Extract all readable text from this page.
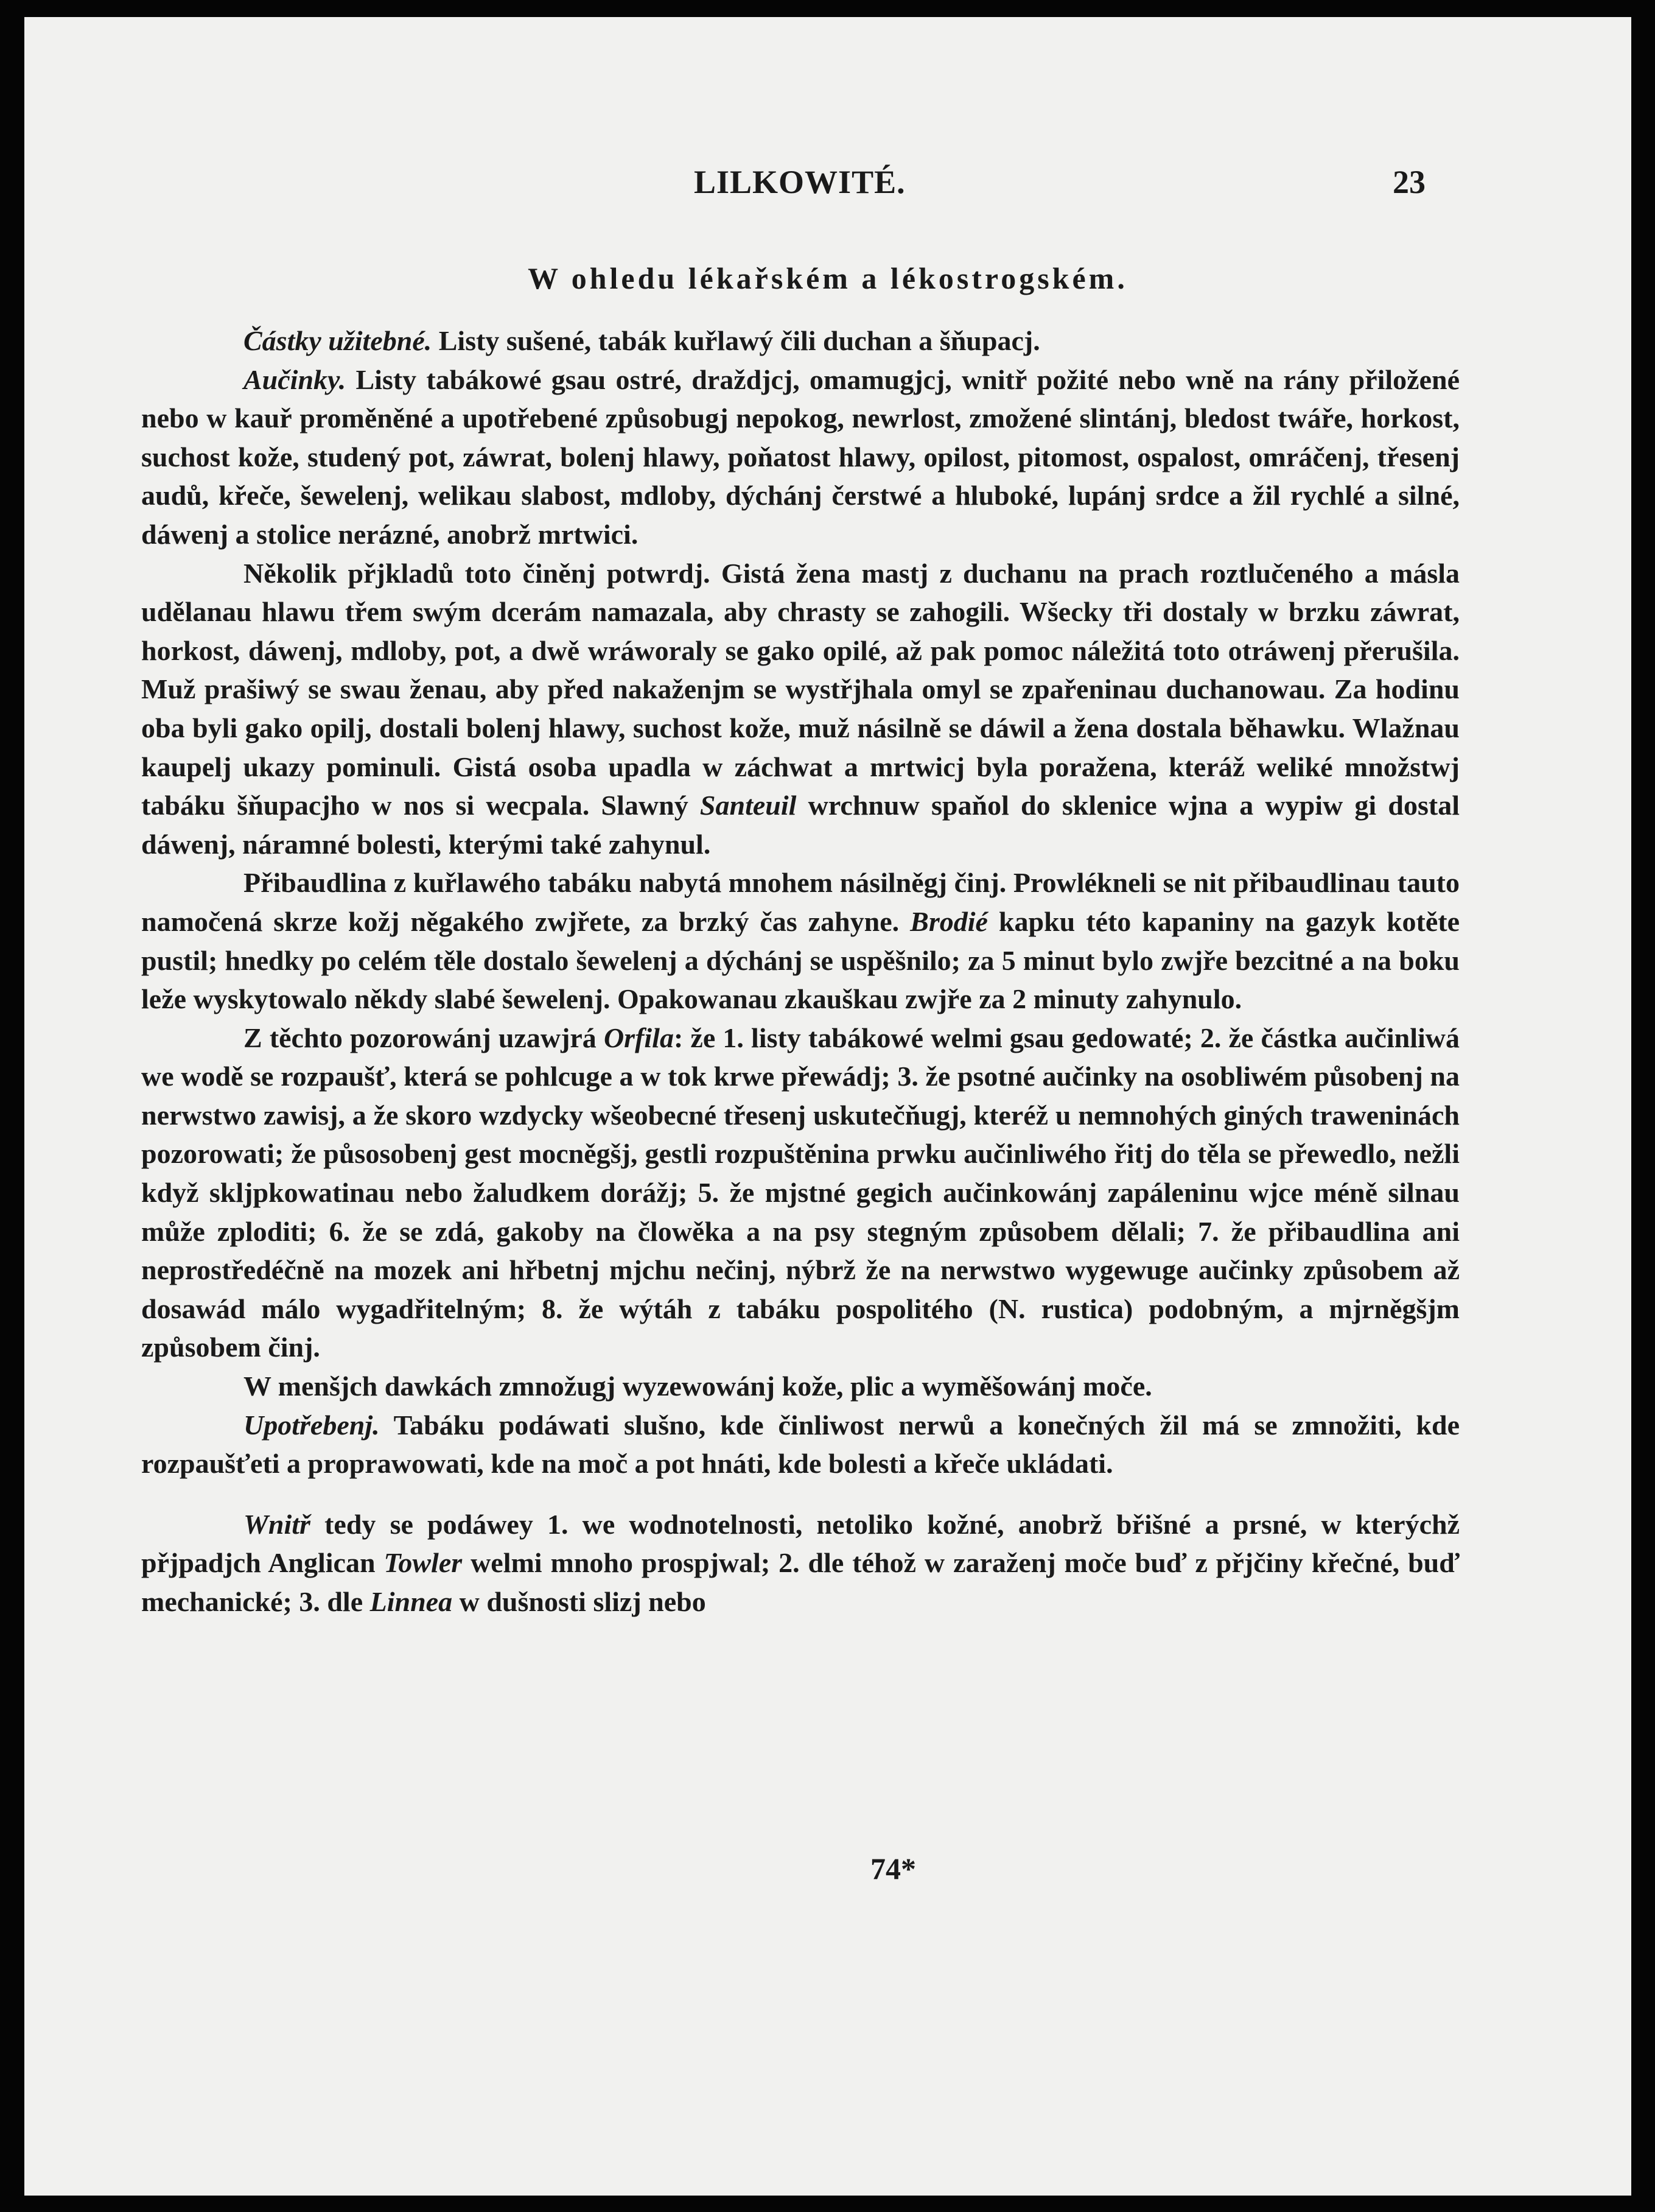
LILKOWITÉ.	23
W ohledu lékařském a lékostrogském.

Částky užitebné. Listy sušené, tabák kuřlawý čili duchan a šňupacj.

Aučinky. Listy tabákowé gsau ostré, draždjcj, omamugjcj, wnitř požité nebo wně na rány přiložené nebo w kauř proměněné a upotřebené způsobugj nepokog, newrlost, zmožené slintánj, bledost twáře, horkost, suchost kože, studený pot, záwrat, bolenj hlawy, poňatost hlawy, opilost, pitomost, ospalost, omráčenj, třesenj audů, křeče, šewelenj, welikau slabost, mdloby, dýchánj čerstwé a hluboké, lupánj srdce a žil rychlé a silné, dáwenj a stolice nerázné, anobrž mrtwici.

Několik přjkladů toto činěnj potwrdj. Gistá žena mastj z duchanu na prach roztlučeného a másla udělanau hlawu třem swým dcerám namazala, aby chrasty se zahogili. Wšecky tři dostaly w brzku záwrat, horkost, dáwenj, mdloby, pot, a dwě wráworaly se gako opilé, až pak pomoc náležitá toto otráwenj přerušila. Muž prašiwý se swau ženau, aby před nakaženjm se wystřjhala omyl se zpařeninau duchanowau. Za hodinu oba byli gako opilj, dostali bolenj hlawy, suchost kože, muž násilně se dáwil a žena dostala běhawku. Wlažnau kaupelj ukazy pominuli. Gistá osoba upadla w záchwat a mrtwicj byla poražena, kteráž weliké množstwj tabáku šňupacjho w nos si wecpala. Slawný Santeuil wrchnuw spaňol do sklenice wjna a wypiw gi dostal dáwenj, náramné bolesti, kterými také zahynul.

Přibaudlina z kuřlawého tabáku nabytá mnohem násilněgj činj. Prowlékneli se nit přibaudlinau tauto namočená skrze kožj něgakého zwjřete, za brzký čas zahyne. Brodié kapku této kapaniny na gazyk kotěte pustil; hnedky po celém těle dostalo šewelenj a dýchánj se uspěšnilo; za 5 minut bylo zwjře bezcitné a na boku leže wyskytowalo někdy slabé šewelenj. Opakowanau zkauškau zwjře za 2 minuty zahynulo.

Z těchto pozorowánj uzawjrá Orfila: že 1. listy tabákowé welmi gsau gedowaté; 2. že částka aučinliwá we wodě se rozpaušť, která se pohlcuge a w tok krwe přewádj; 3. že psotné aučinky na osobliwém působenj na nerwstwo zawisj, a že skoro wzdycky wšeobecné třesenj uskutečňugj, kteréž u nemnohých giných traweninách pozorowati; že půsosobenj gest mocněgšj, gestli rozpuštěnina prwku aučinliwého řitj do těla se přewedlo, nežli když skljpkowatinau nebo žaludkem dorážj; 5. že mjstné gegich aučinkowánj zapáleninu wjce méně silnau může zploditi; 6. že se zdá, gakoby na člowěka a na psy stegným způsobem dělali; 7. že přibaudlina ani neprostředéčně na mozek ani hřbetnj mjchu nečinj, nýbrž že na nerwstwo wygewuge aučinky způsobem až dosawád málo wygadřitelným; 8. že wýtáh z tabáku pospolitého (N. rustica) podobným, a mjrněgšjm způsobem činj.

W menšjch dawkách zmnožugj wyzewowánj kože, plic a wyměšowánj moče.

Upotřebenj. Tabáku podáwati slušno, kde činliwost nerwů a konečných žil má se zmnožiti, kde rozpaušťeti a proprawowati, kde na moč a pot hnáti, kde bolesti a křeče ukládati.

Wnitř tedy se podáwey 1. we wodnotelnosti, netoliko kožné, anobrž břišné a prsné, w kterýchž přjpadjch Anglican Towler welmi mnoho prospjwal; 2. dle téhož w zaraženj moče buď z přjčiny křečné, buď mechanické; 3. dle Linnea w dušnosti slizj nebo

74*
